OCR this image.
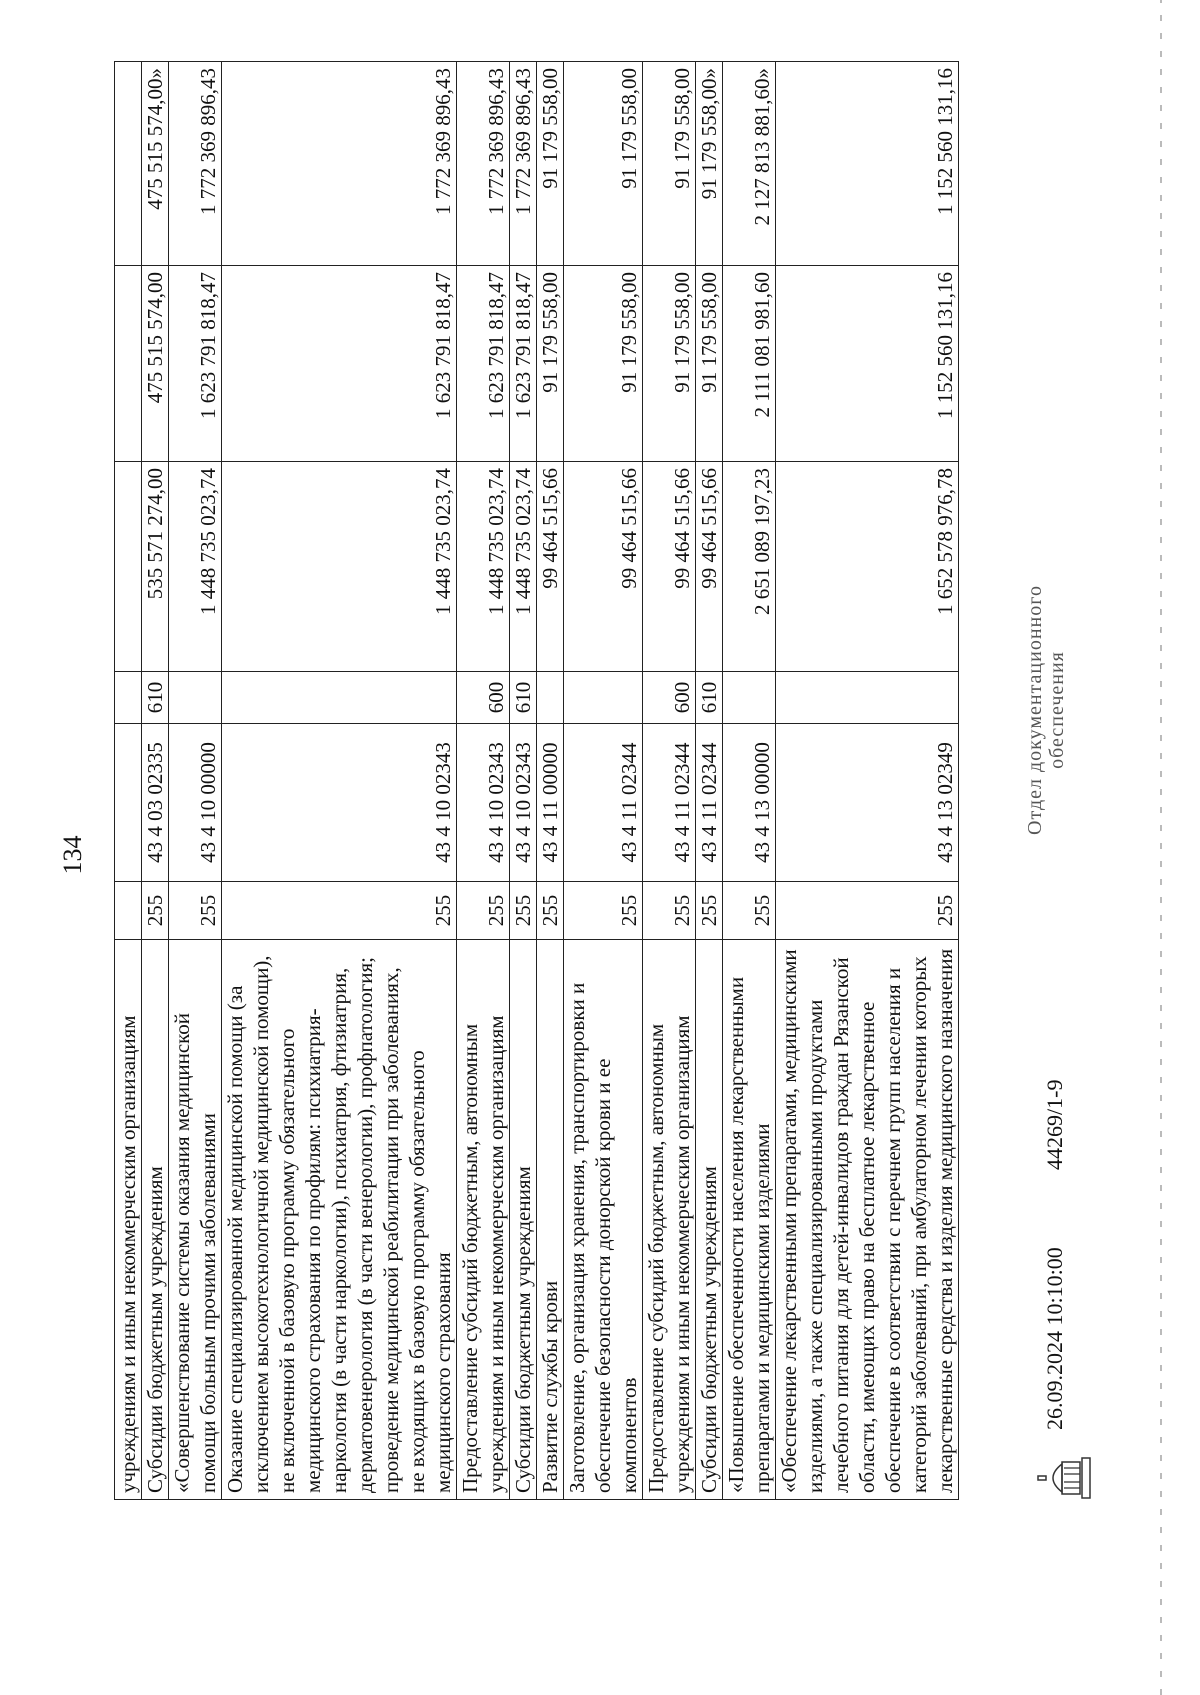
134
учреждениям и иным некоммерческим организациям						
Субсидии бюджетным учреждениям	255	43 4 03 02335	610	535 571 274,00	475 515 574,00	475 515 574,00»
«Совершенствование системы оказания медицинской помощи больным прочими заболеваниями	255	43 4 10 00000		1 448 735 023,74	1 623 791 818,47	1 772 369 896,43
Оказание специализированной медицинской помощи (за исключением высокотехнологичной медицинской помощи), не включенной в базовую программу обязательного медицинского страхования по профилям: психиатрия-наркология (в части наркологии), психиатрия, фтизиатрия, дерматовенерология (в части венерологии), профпатология; проведение медицинской реабилитации при заболеваниях, не входящих в базовую программу обязательного медицинского страхования	255	43 4 10 02343		1 448 735 023,74	1 623 791 818,47	1 772 369 896,43
Предоставление субсидий бюджетным, автономным учреждениям и иным некоммерческим организациям	255	43 4 10 02343	600	1 448 735 023,74	1 623 791 818,47	1 772 369 896,43
Субсидии бюджетным учреждениям	255	43 4 10 02343	610	1 448 735 023,74	1 623 791 818,47	1 772 369 896,43
Развитие службы крови	255	43 4 11 00000		99 464 515,66	91 179 558,00	91 179 558,00
Заготовление, организация хранения, транспортировки и обеспечение безопасности донорской крови и ее компонентов	255	43 4 11 02344		99 464 515,66	91 179 558,00	91 179 558,00
Предоставление субсидий бюджетным, автономным учреждениям и иным некоммерческим организациям	255	43 4 11 02344	600	99 464 515,66	91 179 558,00	91 179 558,00
Субсидии бюджетным учреждениям	255	43 4 11 02344	610	99 464 515,66	91 179 558,00	91 179 558,00»
«Повышение обеспеченности населения лекарственными препаратами и медицинскими изделиями	255	43 4 13 00000		2 651 089 197,23	2 111 081 981,60	2 127 813 881,60»
«Обеспечение лекарственными препаратами, медицинскими изделиями, а также специализированными продуктами лечебного питания для детей-инвалидов граждан Рязанской области, имеющих право на бесплатное лекарственное обеспечение в соответствии с перечнем групп населения и категорий заболеваний, при амбулаторном лечении которых лекарственные средства и изделия медицинского назначения	255	43 4 13 02349		1 652 578 976,78	1 152 560 131,16	1 152 560 131,16
26.09.2024 10:10:00
44269/1-9
Отдел документационного обеспечения
